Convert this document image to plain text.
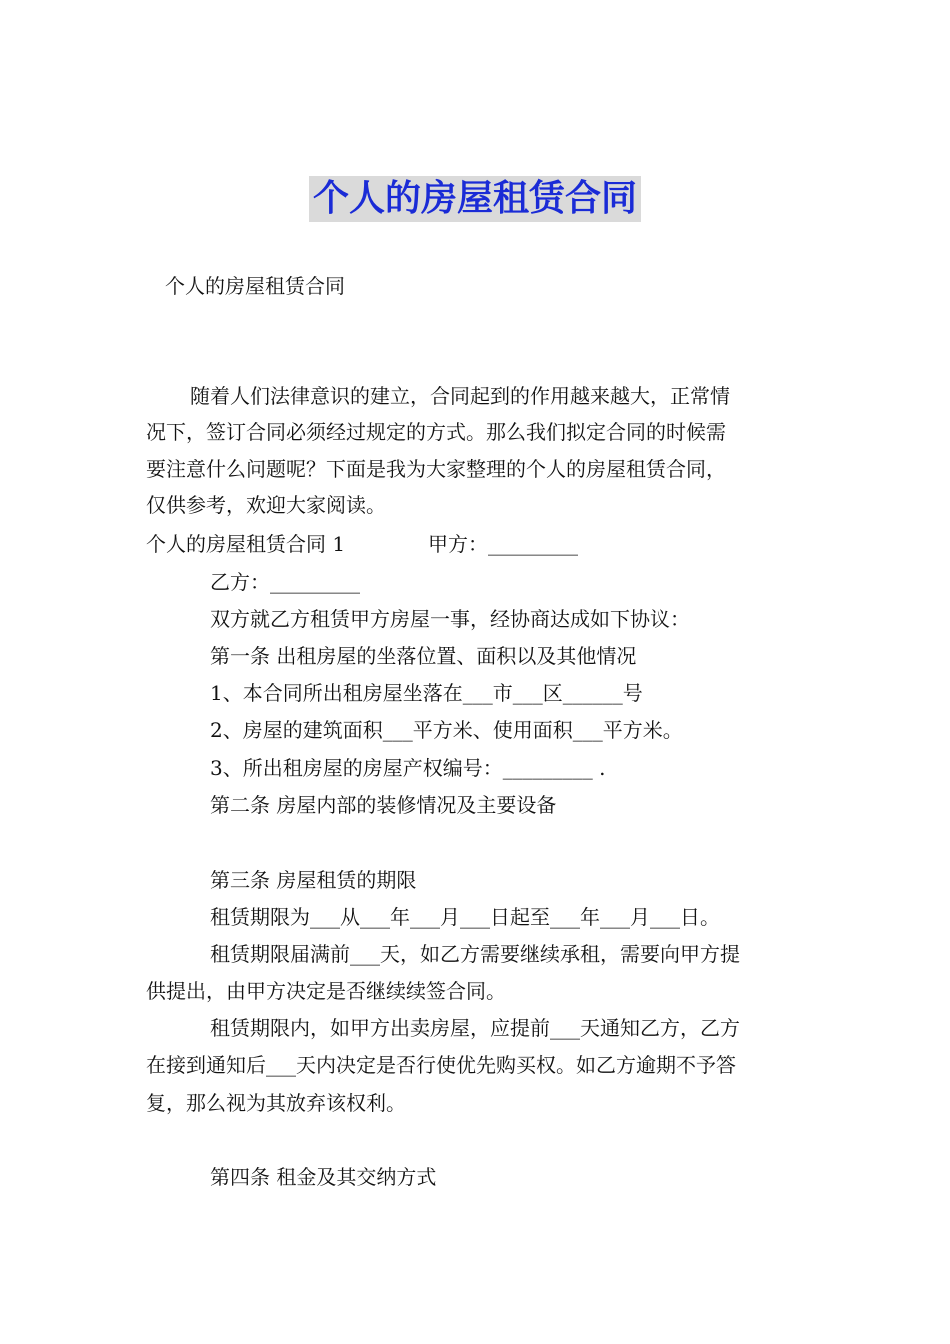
个人的房屋租赁合同
个人的房屋租赁合同
随着人们法律意识的建立，合同起到的作用越来越大，正常情
况下，签订合同必须经过规定的方式。那么我们拟定合同的时候需
要注意什么问题呢？下面是我为大家整理的个人的房屋租赁合同，
仅供参考，欢迎大家阅读。
个人的房屋租赁合同 1	甲方：_________
乙方：_________
双方就乙方租赁甲方房屋一事，经协商达成如下协议：
第一条 出租房屋的坐落位置、面积以及其他情况
1、本合同所出租房屋坐落在___市___区______号
2、房屋的建筑面积___平方米、使用面积___平方米。
3、所出租房屋的房屋产权编号：_________ .
第二条 房屋内部的装修情况及主要设备
第三条 房屋租赁的期限
租赁期限为___从___年___月___日起至___年___月___日。
租赁期限届满前___天，如乙方需要继续承租，需要向甲方提
供提出，由甲方决定是否继续续签合同。
租赁期限内，如甲方出卖房屋，应提前___天通知乙方，乙方
在接到通知后___天内决定是否行使优先购买权。如乙方逾期不予答
复，那么视为其放弃该权利。
第四条 租金及其交纳方式
